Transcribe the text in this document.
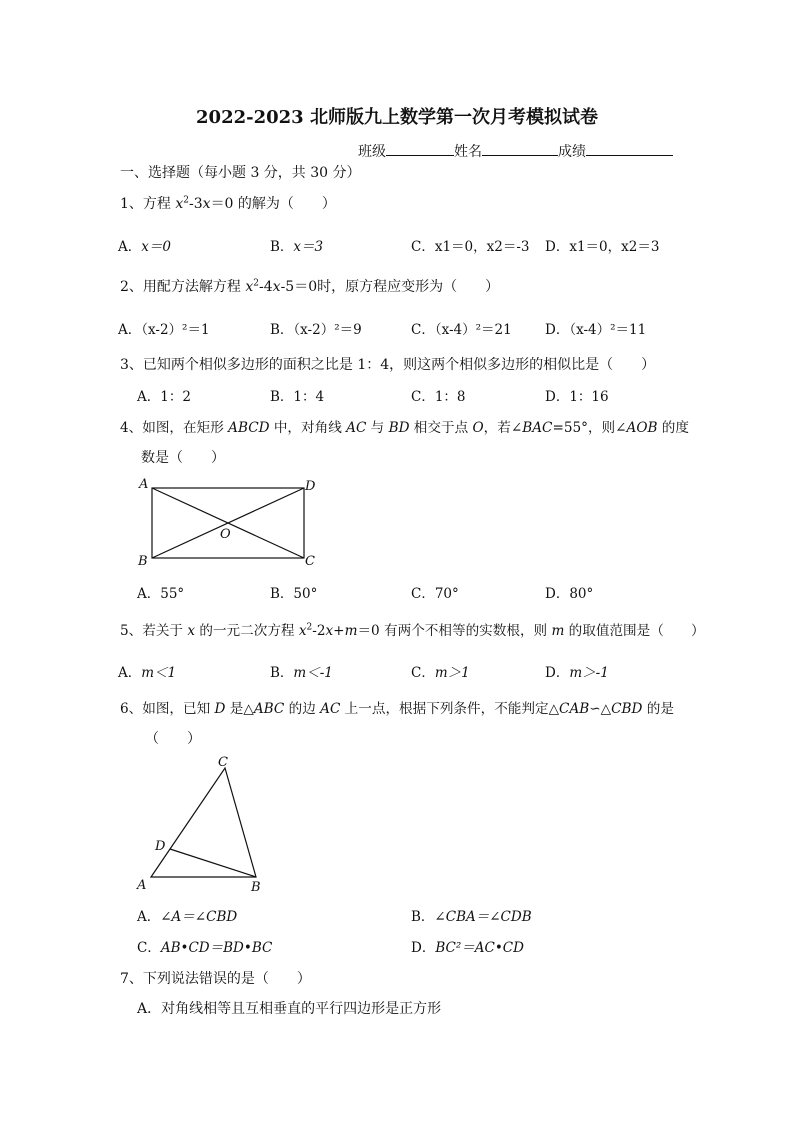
2022-2023 北师版九上数学第一次月考模拟试卷
班级	姓名	成绩
一、选择题（每小题 3 分，共 30 分）
1、方程 $x^2-3x=0$ 的解为（　　）
A．x＝0	B．x＝3	C．x1＝0，x2＝-3 D．x1＝0，x2＝3
2、用配方法解方程 $x^2-4x-5=0$时，原方程应变形为（　　）
A．（x-2）²＝1	B．（x-2）²＝9	C．（x-4）²＝21 D．（x-4）²＝11
3、已知两个相似多边形的面积之比是 1：4，则这两个相似多边形的相似比是（　　）
A．1：2	B．1：4	C．1：8	D．1：16
4、如图，在矩形 ABCD 中，对角线 AC 与 BD 相交于点 O，若∠BAC=55°，则∠AOB 的度
数是（　　）
A	D
B	C
O
A．55°	B．50°	C．70°	D．80°
5、若关于 x 的一元二次方程 $x^2-2x+m=0$ 有两个不相等的实数根，则 m 的取值范围是（　　）
A．m＜1	B．m＜-1	C．m＞1	D．m＞-1
6、如图，已知 D 是△ABC 的边 AC 上一点，根据下列条件，不能判定△CAB∽△CBD 的是
（　　）
C
D
A	B
A．∠A＝∠CBD	B．∠CBA＝∠CDB
C．AB•CD＝BD•BC	D．BC²＝AC•CD
7、下列说法错误的是（　　）
A．对角线相等且互相垂直的平行四边形是正方形
